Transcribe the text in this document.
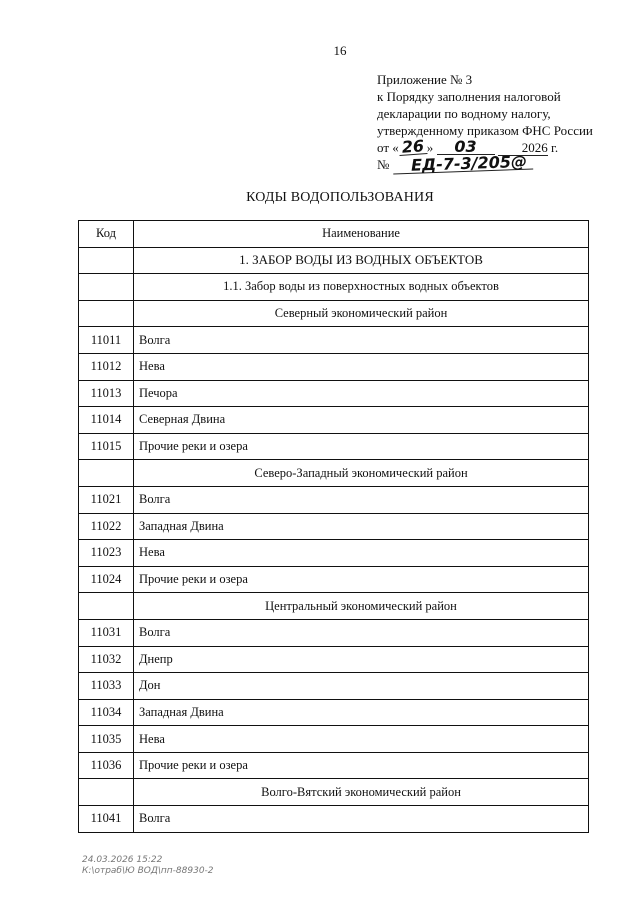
16
Приложение № 3
к Порядку заполнения налоговой
декларации по водному налогу,
утвержденному приказом ФНС России
от « 26 » 03	2026 г.
№ ЕД-7-3/205@
КОДЫ ВОДОПОЛЬЗОВАНИЯ
Код	Наименование
	1. ЗАБОР ВОДЫ ИЗ ВОДНЫХ ОБЪЕКТОВ
	1.1. Забор воды из поверхностных водных объектов
	Северный экономический район
11011	Волга
11012	Нева
11013	Печора
11014	Северная Двина
11015	Прочие реки и озера
	Северо-Западный экономический район
11021	Волга
11022	Западная Двина
11023	Нева
11024	Прочие реки и озера
	Центральный экономический район
11031	Волга
11032	Днепр
11033	Дон
11034	Западная Двина
11035	Нева
11036	Прочие реки и озера
	Волго-Вятский экономический район
11041	Волга
24.03.2026 15:22
К:\отраб\Ю ВОД\пп-88930-2
